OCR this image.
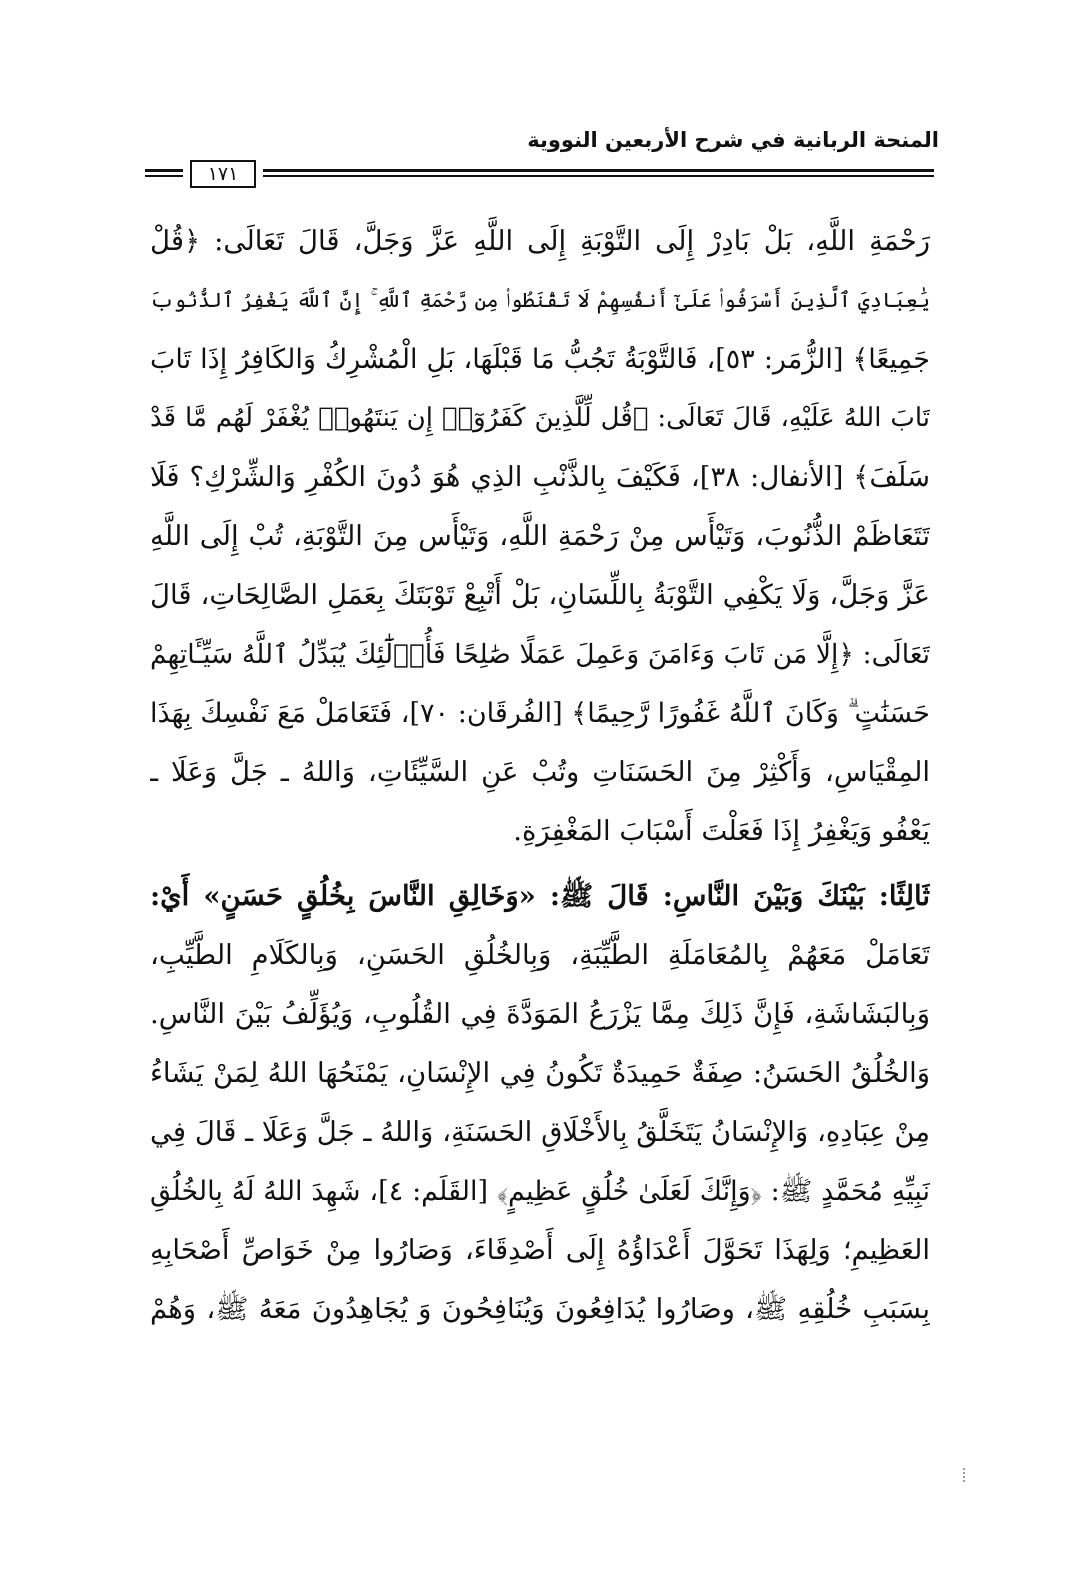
المنحة الربانية في شرح الأربعين النووية
١٧١
رَحْمَةِ اللَّهِ، بَلْ بَادِرْ إِلَى التَّوْبَةِ إِلَى اللَّهِ عَزَّ وَجَلَّ، قَالَ تَعَالَى: ﴿قُلْ
يَٰعِبَادِيَ ٱلَّذِينَ أَسْرَفُوا۟ عَلَىٰٓ أَنفُسِهِمْ لَا تَقْنَطُوا۟ مِن رَّحْمَةِ ٱللَّهِ ۚ إِنَّ ٱللَّهَ يَغْفِرُ ٱلذُّنُوبَ
جَمِيعًا﴾ [الزُّمَر: ٥٣]، فَالتَّوْبَةُ تَجُبُّ مَا قَبْلَهَا، بَلِ الْمُشْرِكُ وَالكَافِرُ إِذَا تَابَ
تَابَ اللهُ عَلَيْهِ، قَالَ تَعَالَى: ﴿قُل لِّلَّذِينَ كَفَرُوٓا۟ إِن يَنتَهُوا۟ يُغْفَرْ لَهُم مَّا قَدْ
سَلَفَ﴾ [الأنفال: ٣٨]، فَكَيْفَ بِالذَّنْبِ الذِي هُوَ دُونَ الكُفْرِ وَالشِّرْكِ؟ فَلَا
تَتَعَاظَمْ الذُّنُوبَ، وَتَيْأَس مِنْ رَحْمَةِ اللَّهِ، وَتَيْأَس مِنَ التَّوْبَةِ، تُبْ إِلَى اللَّهِ
عَزَّ وَجَلَّ، وَلَا يَكْفِي التَّوْبَةُ بِاللِّسَانِ، بَلْ أَتْبِعْ تَوْبَتَكَ بِعَمَلِ الصَّالِحَاتِ، قَالَ
تَعَالَى: ﴿إِلَّا مَن تَابَ وَءَامَنَ وَعَمِلَ عَمَلًا صَٰلِحًا فَأُو۟لَٰٓئِكَ يُبَدِّلُ ٱللَّهُ سَيِّـَٔاتِهِمْ
حَسَنَٰتٍ ۗ وَكَانَ ٱللَّهُ غَفُورًا رَّحِيمًا﴾ [الفُرقَان: ٧٠]، فَتَعَامَلْ مَعَ نَفْسِكَ بِهَذَا
المِقْيَاسِ، وَأَكْثِرْ مِنَ الحَسَنَاتِ وتُبْ عَنِ السَّيِّئَاتِ، وَاللهُ ـ جَلَّ وَعَلَا ـ
يَعْفُو وَيَغْفِرُ إِذَا فَعَلْتَ أَسْبَابَ المَغْفِرَةِ.
ثَالِثًا: بَيْنَكَ وَبَيْنَ النَّاسِ: قَالَ ﷺ: «وَخَالِقِ النَّاسَ بِخُلُقٍ حَسَنٍ» أَيْ:
تَعَامَلْ مَعَهُمْ بِالمُعَامَلَةِ الطَّيِّبَةِ، وَبِالخُلُقِ الحَسَنِ، وَبِالكَلَامِ الطَّيِّبِ،
وَبِالبَشَاشَةِ، فَإِنَّ ذَلِكَ مِمَّا يَزْرَعُ المَوَدَّةَ فِي القُلُوبِ، وَيُؤَلِّفُ بَيْنَ النَّاسِ.
وَالخُلُقُ الحَسَنُ: صِفَةٌ حَمِيدَةٌ تَكُونُ فِي الإِنْسَانِ، يَمْنَحُهَا اللهُ لِمَنْ يَشَاءُ
مِنْ عِبَادِهِ، وَالإِنْسَانُ يَتَخَلَّقُ بِالأَخْلَاقِ الحَسَنَةِ، وَاللهُ ـ جَلَّ وَعَلَا ـ قَالَ فِي
نَبِيِّهِ مُحَمَّدٍ ﷺ: ﴿وَإِنَّكَ لَعَلَىٰ خُلُقٍ عَظِيمٍ﴾ [القَلَم: ٤]، شَهِدَ اللهُ لَهُ بِالخُلُقِ
العَظِيمِ؛ وَلِهَذَا تَحَوَّلَ أَعْدَاؤُهُ إِلَى أَصْدِقَاءَ، وَصَارُوا مِنْ خَوَاصِّ أَصْحَابِهِ
بِسَبَبِ خُلُقِهِ ﷺ، وصَارُوا يُدَافِعُونَ وَيُنَافِحُونَ وَ يُجَاهِدُونَ مَعَهُ ﷺ، وَهُمْ
